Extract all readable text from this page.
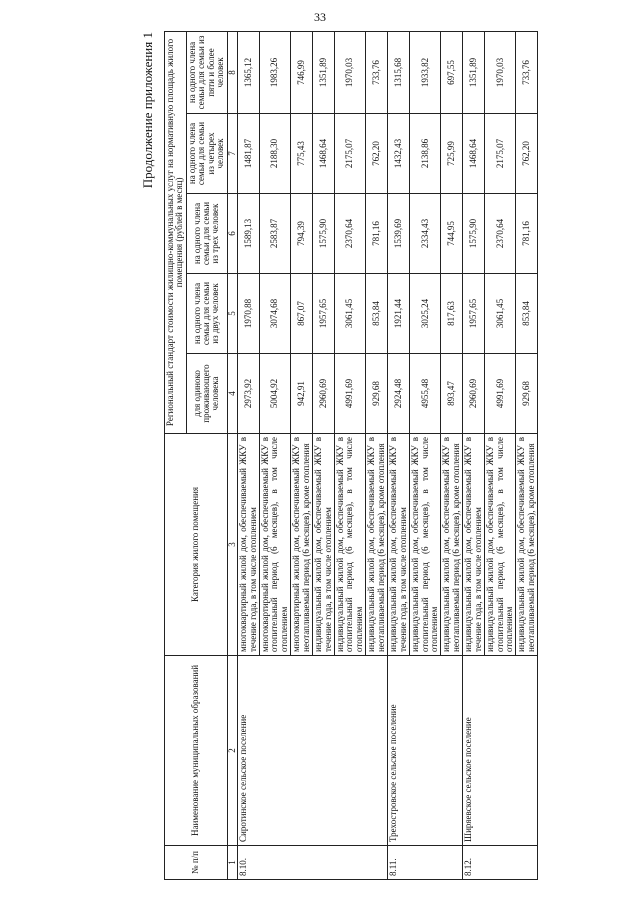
33
Продолжение приложения 1
№ п/п	Наименование муниципальных образований	Категория жилого помещения	Региональный стандарт стоимости жилищно-коммунальных услуг на нормативную площадь жилого помещения (рублей в месяц)				
			для одиноко проживающего человека	на одного члена семьи для семьи из двух человек	на одного члена семьи для семьи из трех человек	на одного члена семьи для семьи из четырех человек	на одного члена семьи для семьи из пяти и более человек
1	2	3	4	5	6	7	8
8.10.	Сиротинское сельское поселение	многоквартирный жилой дом, обеспечиваемый ЖКУ в течение года, в том числе отоплением	2973,92	1970,88	1589,13	1481,87	1365,12
		многоквартирный жилой дом, обеспечиваемый ЖКУ в отопительный период (6 месяцев), в том числе отоплением	5004,92	3074,68	2583,87	2188,30	1983,26
		многоквартирный жилой дом, обеспечиваемый ЖКУ в неотапливаемый период (6 месяцев), кроме отопления	942,91	867,07	794,39	775,43	746,99
		индивидуальный жилой дом, обеспечиваемый ЖКУ в течение года, в том числе отоплением	2960,69	1957,65	1575,90	1468,64	1351,89
		индивидуальный жилой дом, обеспечиваемый ЖКУ в отопительный период (6 месяцев), в том числе отоплением	4991,69	3061,45	2370,64	2175,07	1970,03
		индивидуальный жилой дом, обеспечиваемый ЖКУ в неотапливаемый период (6 месяцев), кроме отопления	929,68	853,84	781,16	762,20	733,76
8.11.	Трехостровское сельское поселение	индивидуальный жилой дом, обеспечиваемый ЖКУ в течение года, в том числе отоплением	2924,48	1921,44	1539,69	1432,43	1315,68
		индивидуальный жилой дом, обеспечиваемый ЖКУ в отопительный период (6 месяцев), в том числе отоплением	4955,48	3025,24	2334,43	2138,86	1933,82
		индивидуальный жилой дом, обеспечиваемый ЖКУ в неотапливаемый период (6 месяцев), кроме отопления	893,47	817,63	744,95	725,99	697,55
8.12.	Ширяевское сельское поселение	индивидуальный жилой дом, обеспечиваемый ЖКУ в течение года, в том числе отоплением	2960,69	1957,65	1575,90	1468,64	1351,89
		индивидуальный жилой дом, обеспечиваемый ЖКУ в отопительный период (6 месяцев), в том числе отоплением	4991,69	3061,45	2370,64	2175,07	1970,03
		индивидуальный жилой дом, обеспечиваемый ЖКУ в неотапливаемый период (6 месяцев), кроме отопления	929,68	853,84	781,16	762,20	733,76
